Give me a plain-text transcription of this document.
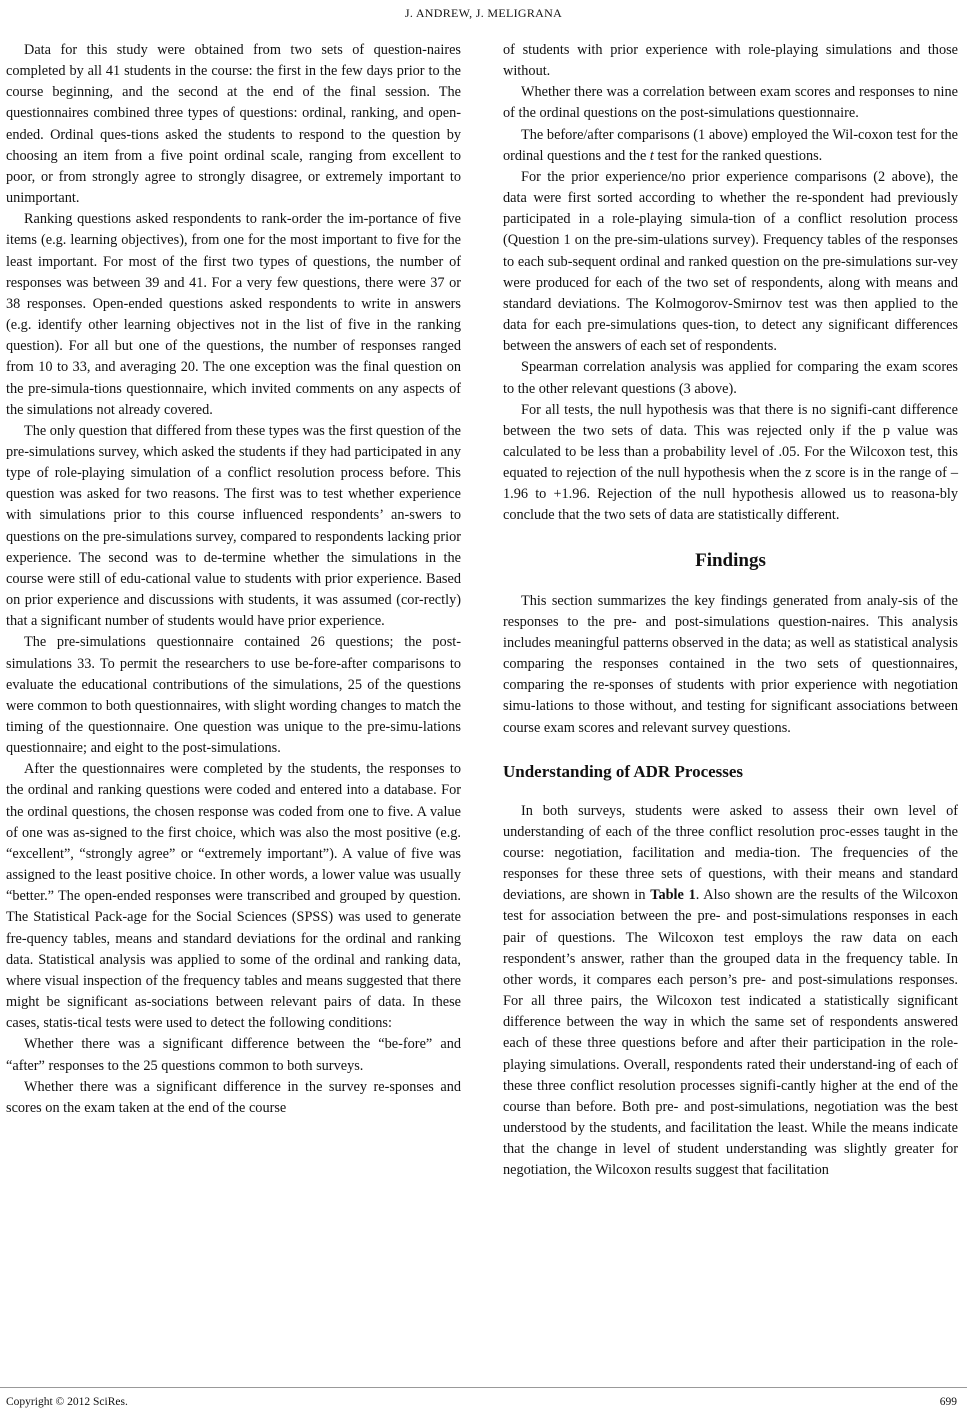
J. ANDREW, J. MELIGRANA

Data for this study were obtained from two sets of question-naires completed by all 41 students in the course: the first in the few days prior to the course beginning, and the second at the end of the final session. The questionnaires combined three types of questions: ordinal, ranking, and open-ended. Ordinal ques-tions asked the students to respond to the question by choosing an item from a five point ordinal scale, ranging from excellent to poor, or from strongly agree to strongly disagree, or extremely important to unimportant.

Ranking questions asked respondents to rank-order the im-portance of five items (e.g. learning objectives), from one for the most important to five for the least important. For most of the first two types of questions, the number of responses was between 39 and 41. For a very few questions, there were 37 or 38 responses. Open-ended questions asked respondents to write in answers (e.g. identify other learning objectives not in the list of five in the ranking question). For all but one of the questions, the number of responses ranged from 10 to 33, and averaging 20. The one exception was the final question on the pre-simula-tions questionnaire, which invited comments on any aspects of the simulations not already covered.

The only question that differed from these types was the first question of the pre-simulations survey, which asked the students if they had participated in any type of role-playing simulation of a conflict resolution process before. This question was asked for two reasons. The first was to test whether experience with simulations prior to this course influenced respondents’ an-swers to questions on the pre-simulations survey, compared to respondents lacking prior experience. The second was to de-termine whether the simulations in the course were still of edu-cational value to students with prior experience. Based on prior experience and discussions with students, it was assumed (cor-rectly) that a significant number of students would have prior experience.

The pre-simulations questionnaire contained 26 questions; the post-simulations 33. To permit the researchers to use be-fore-after comparisons to evaluate the educational contributions of the simulations, 25 of the questions were common to both questionnaires, with slight wording changes to match the timing of the questionnaire. One question was unique to the pre-simu-lations questionnaire; and eight to the post-simulations.

After the questionnaires were completed by the students, the responses to the ordinal and ranking questions were coded and entered into a database. For the ordinal questions, the chosen response was coded from one to five. A value of one was as-signed to the first choice, which was also the most positive (e.g. “excellent”, “strongly agree” or “extremely important”). A value of five was assigned to the least positive choice. In other words, a lower value was usually “better.” The open-ended responses were transcribed and grouped by question. The Statistical Pack-age for the Social Sciences (SPSS) was used to generate fre-quency tables, means and standard deviations for the ordinal and ranking data. Statistical analysis was applied to some of the ordinal and ranking data, where visual inspection of the frequency tables and means suggested that there might be significant as-sociations between relevant pairs of data. In these cases, statis-tical tests were used to detect the following conditions:

Whether there was a significant difference between the “be-fore” and “after” responses to the 25 questions common to both surveys.

Whether there was a significant difference in the survey re-sponses and scores on the exam taken at the end of the course

of students with prior experience with role-playing simulations and those without.

Whether there was a correlation between exam scores and responses to nine of the ordinal questions on the post-simulations questionnaire.

The before/after comparisons (1 above) employed the Wil-coxon test for the ordinal questions and the t test for the ranked questions.

For the prior experience/no prior experience comparisons (2 above), the data were first sorted according to whether the re-spondent had previously participated in a role-playing simula-tion of a conflict resolution process (Question 1 on the pre-sim-ulations survey). Frequency tables of the responses to each sub-sequent ordinal and ranked question on the pre-simulations sur-vey were produced for each of the two set of respondents, along with means and standard deviations. The Kolmogorov-Smirnov test was then applied to the data for each pre-simulations ques-tion, to detect any significant differences between the answers of each set of respondents.

Spearman correlation analysis was applied for comparing the exam scores to the other relevant questions (3 above).

For all tests, the null hypothesis was that there is no signifi-cant difference between the two sets of data. This was rejected only if the p value was calculated to be less than a probability level of .05. For the Wilcoxon test, this equated to rejection of the null hypothesis when the z score is in the range of –1.96 to +1.96. Rejection of the null hypothesis allowed us to reasona-bly conclude that the two sets of data are statistically different.

Findings

This section summarizes the key findings generated from analy-sis of the responses to the pre- and post-simulations question-naires. This analysis includes meaningful patterns observed in the data; as well as statistical analysis comparing the responses contained in the two sets of questionnaires, comparing the re-sponses of students with prior experience with negotiation simu-lations to those without, and testing for significant associations between course exam scores and relevant survey questions.

Understanding of ADR Processes

In both surveys, students were asked to assess their own level of understanding of each of the three conflict resolution proc-esses taught in the course: negotiation, facilitation and media-tion. The frequencies of the responses for these three sets of questions, with their means and standard deviations, are shown in Table 1. Also shown are the results of the Wilcoxon test for association between the pre- and post-simulations responses in each pair of questions. The Wilcoxon test employs the raw data on each respondent’s answer, rather than the grouped data in the frequency table. In other words, it compares each person’s pre- and post-simulations responses. For all three pairs, the Wilcoxon test indicated a statistically significant difference between the way in which the same set of respondents answered each of these three questions before and after their participation in the role-playing simulations. Overall, respondents rated their understand-ing of each of these three conflict resolution processes signifi-cantly higher at the end of the course than before. Both pre- and post-simulations, negotiation was the best understood by the students, and facilitation the least. While the means indicate that the change in level of student understanding was slightly greater for negotiation, the Wilcoxon results suggest that facilitation

Copyright © 2012 SciRes.	699
